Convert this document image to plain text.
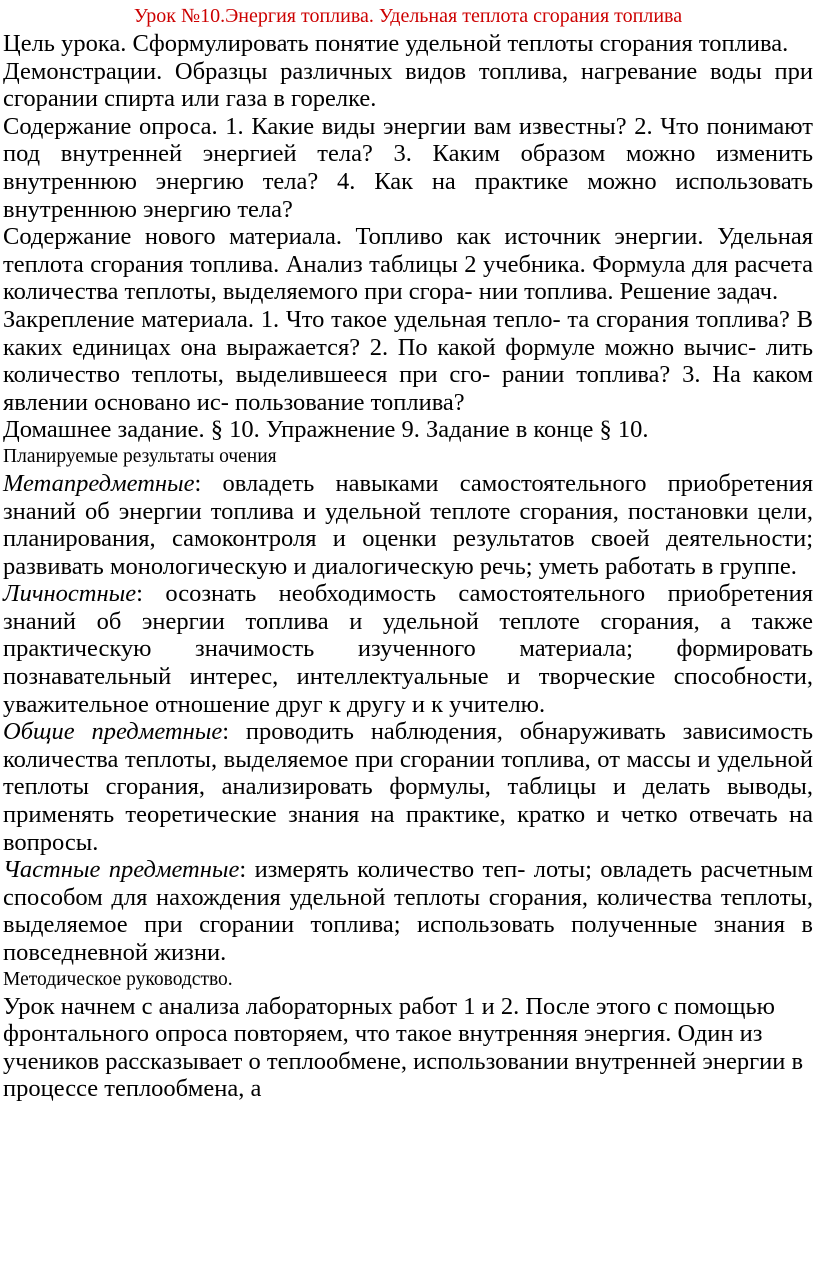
Урок №10.Энергия топлива. Удельная теплота сгорания топлива

Цель урока. Сформулировать понятие удельной теплоты сгорания топлива.

Демонстрации. Образцы различных видов топлива, нагревание воды при сгорании спирта или газа в горелке.

Содержание опроса. 1. Какие виды энергии вам известны? 2. Что понимают под внутренней энергией тела? 3. Каким образом можно изменить внутреннюю энергию тела? 4. Как на практике можно использовать внутреннюю энергию тела?

Содержание нового материала. Топливо как источник энергии. Удельная теплота сгорания топлива. Анализ таблицы 2 учебника. Формула для расчета количества теплоты, выделяемого при сгора- нии топлива. Решение задач.

Закрепление материала. 1. Что такое удельная тепло- та сгорания топлива? В каких единицах она выражается? 2. По какой формуле можно вычис- лить количество теплоты, выделившееся при сго- рании топлива? 3. На каком явлении основано ис- пользование топлива?

Домашнее задание. § 10. Упражнение 9. Задание в конце § 10.

Планируемые результаты очения

Метапредметные: овладеть навыками самостоятельного приобретения знаний об энергии топлива и удельной теплоте сгорания, постановки цели, планирования, самоконтроля и оценки результатов своей деятельности; развивать монологическую и диалогическую речь; уметь работать в группе.

Личностные: осознать необходимость самостоятельного приобретения знаний об энергии топлива и удельной теплоте сгорания, а также практическую значимость изученного материала; формировать познавательный интерес, интеллектуальные и творческие способности, уважительное отношение друг к другу и к учителю.

Общие предметные: проводить наблюдения, обнаруживать зависимость количества теплоты, выделяемое при сгорании топлива, от массы и удельной теплоты сгорания, анализировать формулы, таблицы и делать выводы, применять теоретические знания на практике, кратко и четко отвечать на вопросы.

Частные предметные: измерять количество теп- лоты; овладеть расчетным способом для нахождения удельной теплоты сгорания, количества теплоты, выделяемое при сгорании топлива; использовать полученные знания в повседневной жизни.

Методическое руководство.

Урок начнем с анализа лабораторных работ 1 и 2. После этого с помощью фронтального опроса повторяем, что такое внутренняя энергия. Один из учеников рассказывает о теплообмене, использовании внутренней энергии в процессе теплообмена, а
